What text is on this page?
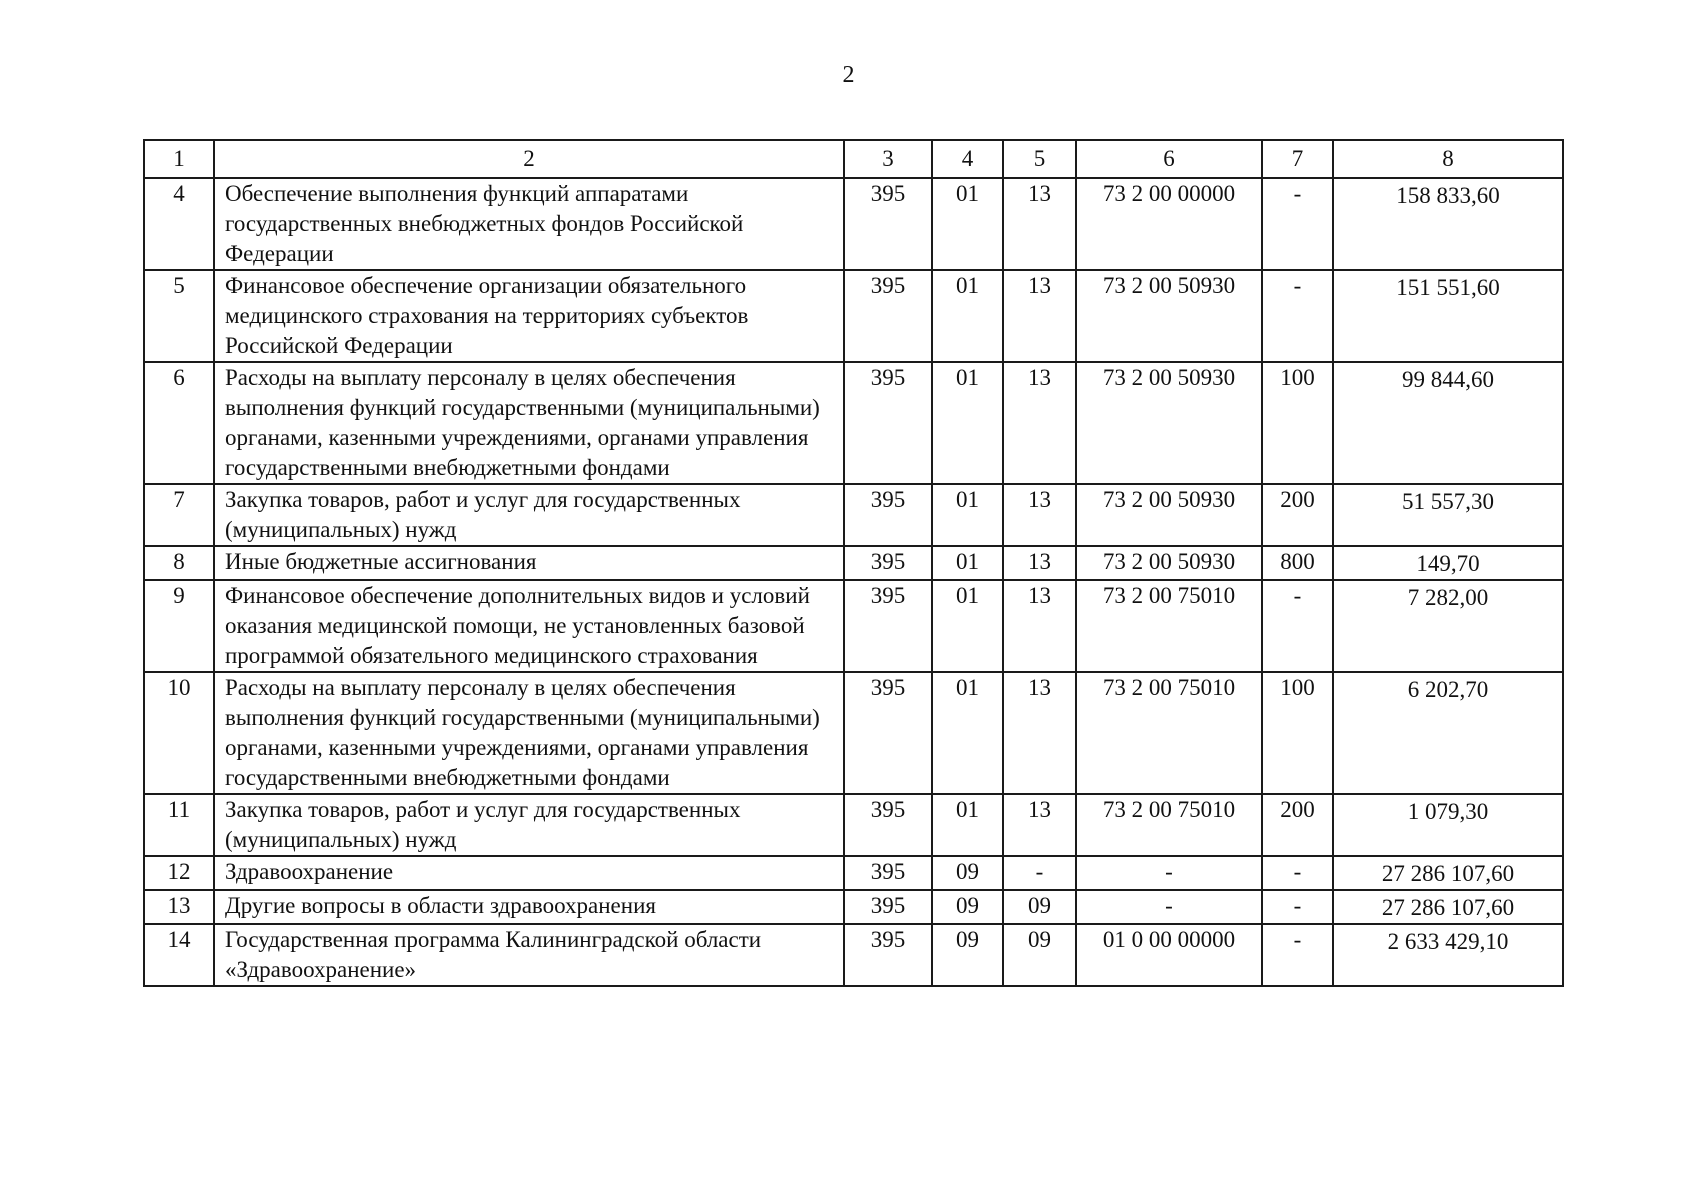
2
1	2	3	4	5	6	7	8
4	Обеспечение выполнения функций аппаратами государственных внебюджетных фондов Российской Федерации	395	01	13	73 2 00 00000	-	158 833,60
5	Финансовое обеспечение организации обязательного медицинского страхования на территориях субъектов Российской Федерации	395	01	13	73 2 00 50930	-	151 551,60
6	Расходы на выплату персоналу в целях обеспечения выполнения функций государственными (муниципальными) органами, казенными учреждениями, органами управления государственными внебюджетными фондами	395	01	13	73 2 00 50930	100	99 844,60
7	Закупка товаров, работ и услуг для государственных (муниципальных) нужд	395	01	13	73 2 00 50930	200	51 557,30
8	Иные бюджетные ассигнования	395	01	13	73 2 00 50930	800	149,70
9	Финансовое обеспечение дополнительных видов и условий оказания медицинской помощи, не установленных базовой программой обязательного медицинского страхования	395	01	13	73 2 00 75010	-	7 282,00
10	Расходы на выплату персоналу в целях обеспечения выполнения функций государственными (муниципальными) органами, казенными учреждениями, органами управления государственными внебюджетными фондами	395	01	13	73 2 00 75010	100	6 202,70
11	Закупка товаров, работ и услуг для государственных (муниципальных) нужд	395	01	13	73 2 00 75010	200	1 079,30
12	Здравоохранение	395	09	-	-	-	27 286 107,60
13	Другие вопросы в области здравоохранения	395	09	09	-	-	27 286 107,60
14	Государственная программа Калининградской области «Здравоохранение»	395	09	09	01 0 00 00000	-	2 633 429,10
